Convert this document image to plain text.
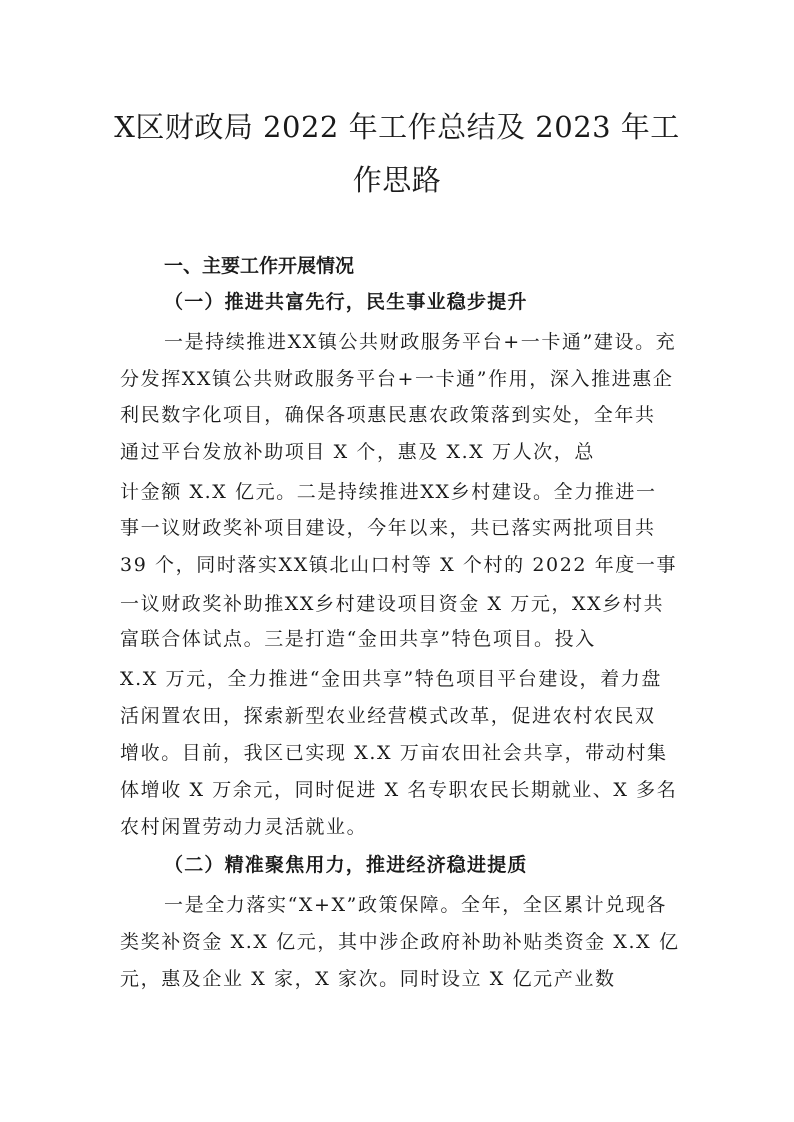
X区财政局 2022 年工作总结及 2023 年工
作思路
一、主要工作开展情况
（一）推进共富先行，民生事业稳步提升
一是持续推进XX镇公共财政服务平台+一卡通”建设。充
分发挥XX镇公共财政服务平台+一卡通”作用，深入推进惠企
利民数字化项目，确保各项惠民惠农政策落到实处，全年共
通过平台发放补助项目 X 个，惠及 X.X 万人次，总
计金额 X.X 亿元。二是持续推进XX乡村建设。全力推进一
事一议财政奖补项目建设，今年以来，共已落实两批项目共
39 个，同时落实XX镇北山口村等 X 个村的 2022 年度一事
一议财政奖补助推XX乡村建设项目资金 X 万元，XX乡村共
富联合体试点。三是打造“金田共享”特色项目。投入
X.X 万元，全力推进“金田共享”特色项目平台建设，着力盘
活闲置农田，探索新型农业经营模式改革，促进农村农民双
增收。目前，我区已实现 X.X 万亩农田社会共享，带动村集
体增收 X 万余元，同时促进 X 名专职农民长期就业、X 多名
农村闲置劳动力灵活就业。
（二）精准聚焦用力，推进经济稳进提质
一是全力落实“X+X”政策保障。全年，全区累计兑现各
类奖补资金 X.X 亿元，其中涉企政府补助补贴类资金 X.X 亿
元，惠及企业 X 家，X 家次。同时设立 X 亿元产业数
